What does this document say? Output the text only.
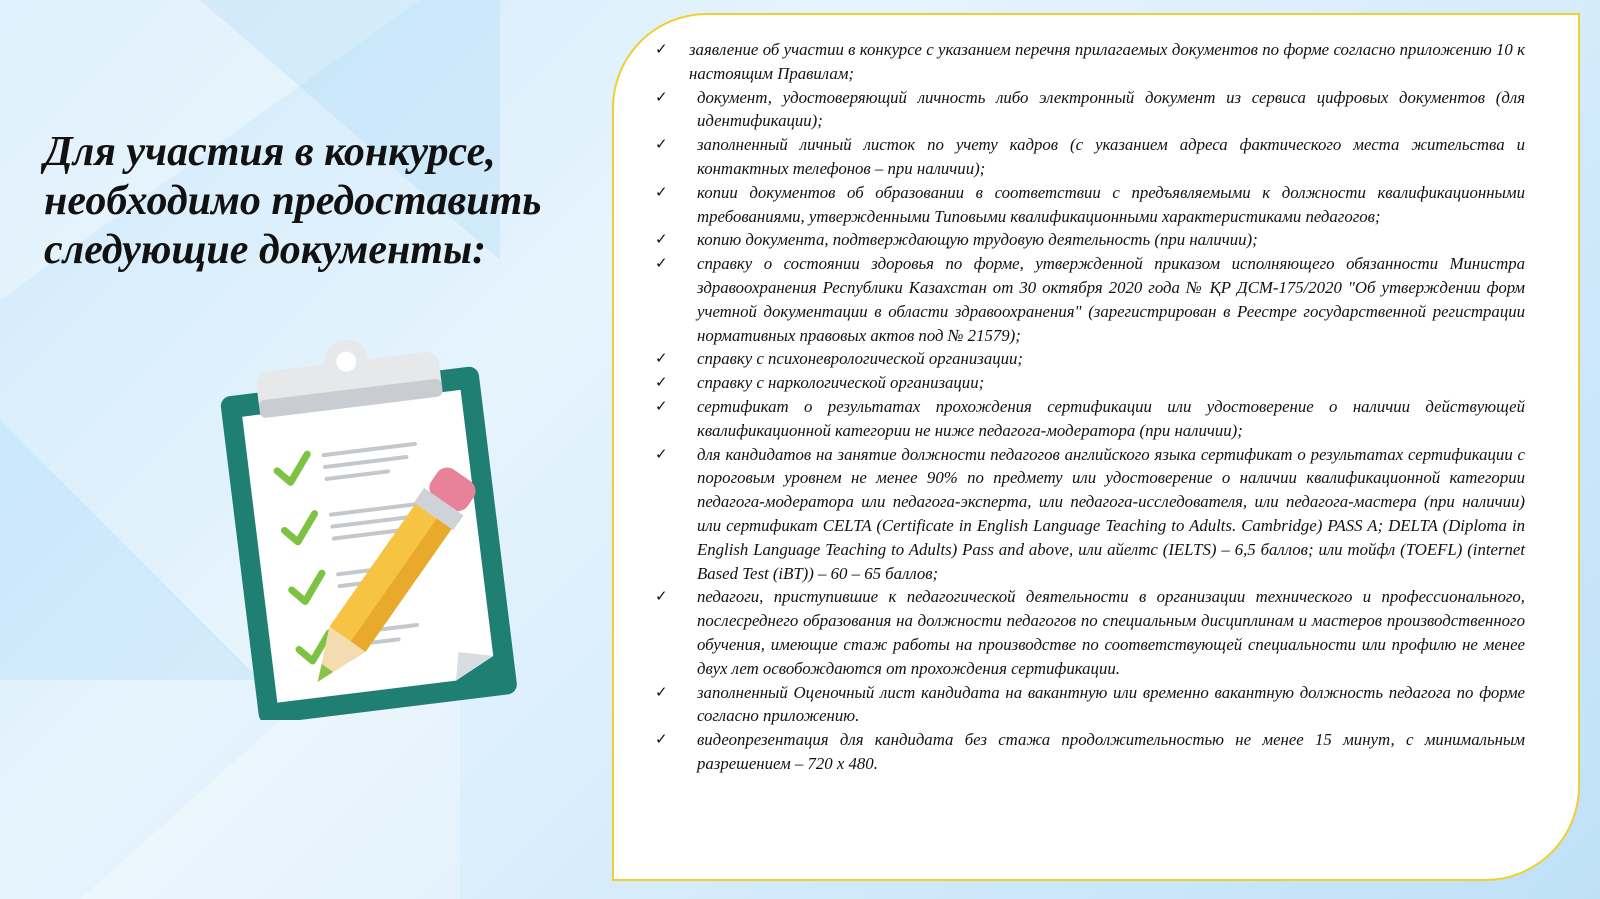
Для участия в конкурсе,
необходимо предоставить
следующие документы:
✓ заявление об участии в конкурсе с указанием перечня прилагаемых документов по форме согласно приложению 10 к настоящим Правилам;
✓ документ, удостоверяющий личность либо электронный документ из сервиса цифровых документов (для идентификации);
✓ заполненный личный листок по учету кадров (с указанием адреса фактического места жительства и контактных телефонов – при наличии);
✓ копии документов об образовании в соответствии с предъявляемыми к должности квалификационными требованиями, утвержденными Типовыми квалификационными характеристиками педагогов;
✓ копию документа, подтверждающую трудовую деятельность (при наличии);
✓ справку о состоянии здоровья по форме, утвержденной приказом исполняющего обязанности Министра здравоохранения Республики Казахстан от 30 октября 2020 года № ҚР ДСМ-175/2020 "Об утверждении форм учетной документации в области здравоохранения" (зарегистрирован в Реестре государственной регистрации нормативных правовых актов под № 21579);
✓ справку с психоневрологической организации;
✓ справку с наркологической организации;
✓ сертификат о результатах прохождения сертификации или удостоверение о наличии действующей квалификационной категории не ниже педагога-модератора (при наличии);
✓ для кандидатов на занятие должности педагогов английского языка сертификат о результатах сертификации с пороговым уровнем не менее 90% по предмету или удостоверение о наличии квалификационной категории педагога-модератора или педагога-эксперта, или педагога-исследователя, или педагога-мастера (при наличии) или сертификат CELTA (Certificate in English Language Teaching to Adults. Cambridge) PASS A; DELTA (Diploma in English Language Teaching to Adults) Pass and above, или айелтс (IELTS) – 6,5 баллов; или тойфл (TOEFL) (internet Based Test (iBT)) – 60 – 65 баллов;
✓ педагоги, приступившие к педагогической деятельности в организации технического и профессионального, послесреднего образования на должности педагогов по специальным дисциплинам и мастеров производственного обучения, имеющие стаж работы на производстве по соответствующей специальности или профилю не менее двух лет освобождаются от прохождения сертификации.
✓ заполненный Оценочный лист кандидата на вакантную или временно вакантную должность педагога по форме согласно приложению.
✓ видеопрезентация для кандидата без стажа продолжительностью не менее 15 минут, с минимальным разрешением – 720 x 480.
